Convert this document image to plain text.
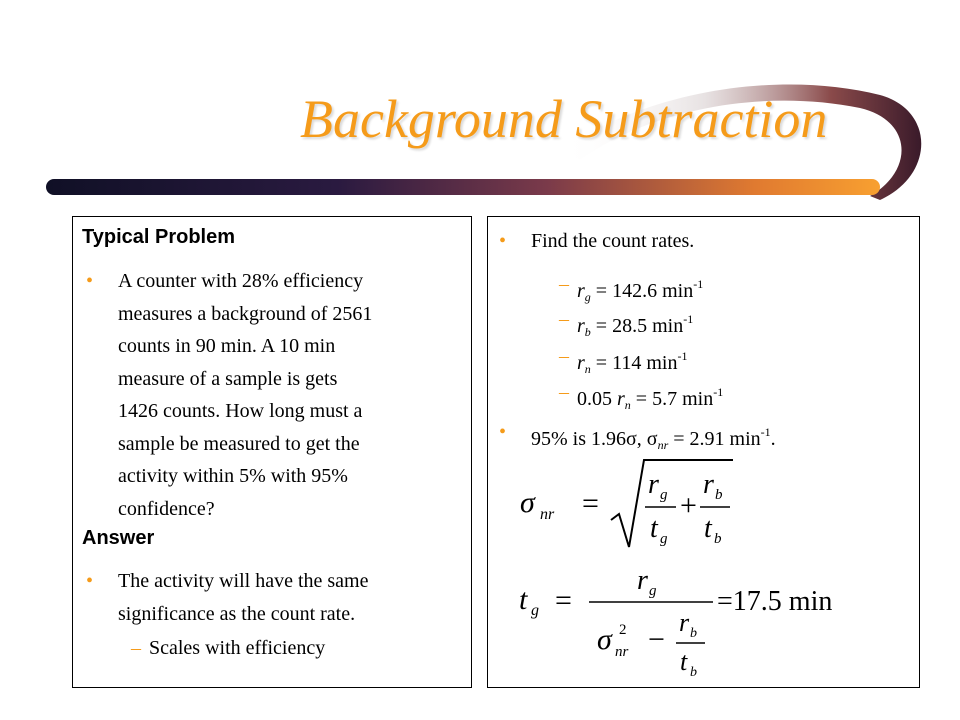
Background Subtraction
Typical Problem
• A counter with 28% efficiency
measures a background of 2561
counts in 90 min. A 10 min
measure of a sample is gets
1426 counts. How long must a
sample be measured to get the
activity within 5% with 95%
confidence?
Answer
• The activity will have the same
significance as the count rate.
– Scales with efficiency
• Find the count rates.
– $r_g = 142.6$ $\min^{-1}$
– $r_b = 28.5$ $\min^{-1}$
– $r_n = 114$ $\min^{-1}$
– 0.05 $r_n = 5.7$ $\min^{-1}$
• 95% is 1.96σ, $\sigma_{nr} = 2.91$ $\min^{-1}$.
σ nr =
r g
t g
+
r b
t b
t g =
r g
σ nr
2 −
r b
t b
=17.5 min
